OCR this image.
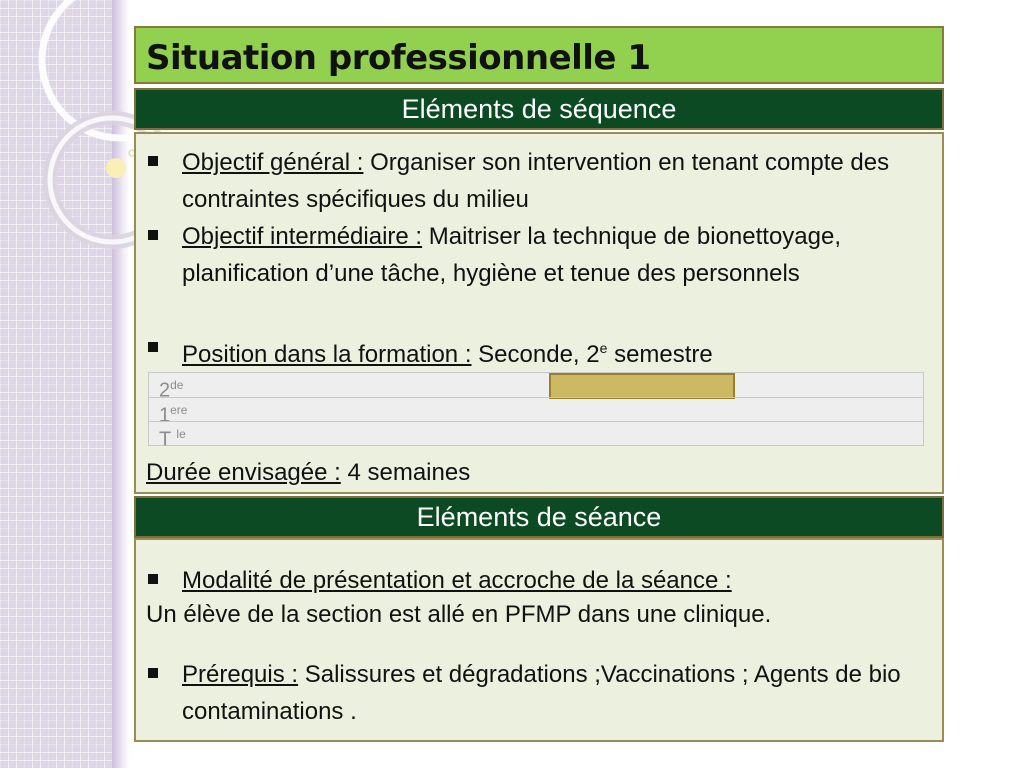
Situation professionnelle 1
Eléments de séquence
Objectif général : Organiser son intervention en tenant compte des contraintes spécifiques du milieu
Objectif intermédiaire : Maitriser la technique de bionettoyage, planification d’une tâche, hygiène et tenue des personnels
Position dans la formation : Seconde, 2e semestre
2de
1ere
T $^{le}$
Durée envisagée : 4 semaines
Eléments de séance
Modalité de présentation et accroche de la séance :
Un élève de la section est allé en PFMP dans une clinique.
Prérequis : Salissures et dégradations ;Vaccinations ; Agents de bio contaminations .
